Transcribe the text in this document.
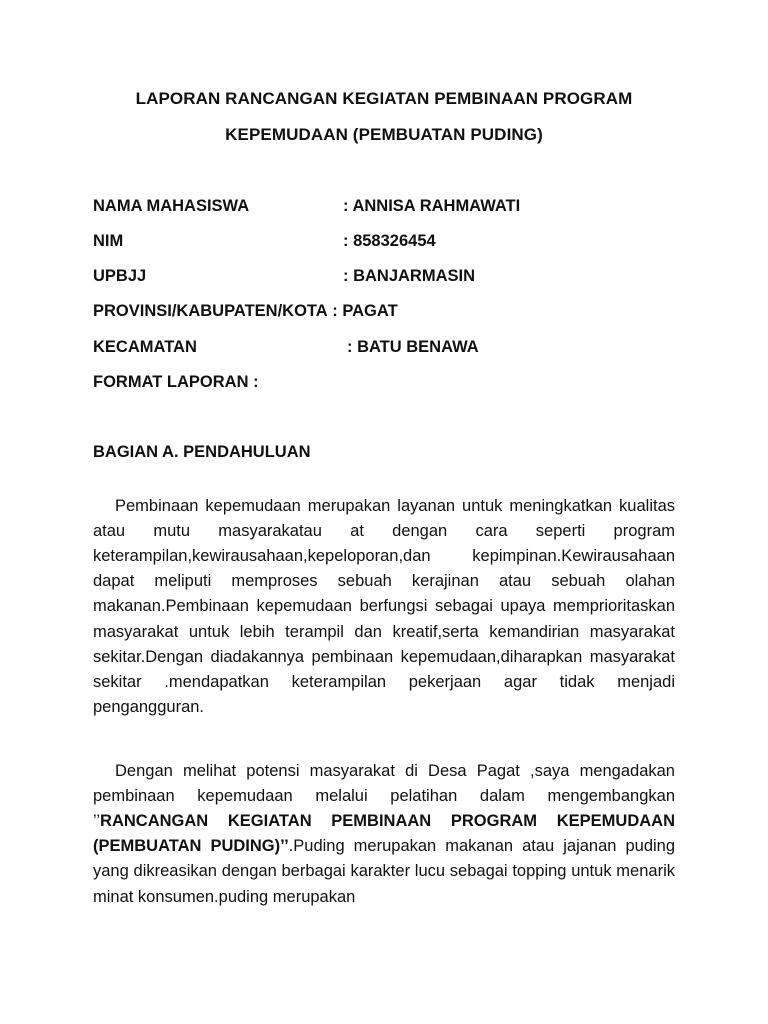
LAPORAN RANCANGAN KEGIATAN PEMBINAAN PROGRAM
KEPEMUDAAN (PEMBUATAN PUDING)
NAMA MAHASISWA	: ANNISA RAHMAWATI
NIM	: 858326454
UPBJJ	: BANJARMASIN
PROVINSI/KABUPATEN/KOTA : PAGAT
KECAMATAN	: BATU BENAWA
FORMAT LAPORAN :
BAGIAN A. PENDAHULUAN

Pembinaan kepemudaan merupakan layanan untuk meningkatkan kualitas atau mutu masyarakatau at dengan cara seperti program keterampilan,kewirausahaan,kepeloporan,dan kepimpinan.Kewirausahaan dapat meliputi memproses sebuah kerajinan atau sebuah olahan makanan.Pembinaan kepemudaan berfungsi sebagai upaya memprioritaskan masyarakat untuk lebih terampil dan kreatif,serta kemandirian masyarakat sekitar.Dengan diadakannya pembinaan kepemudaan,diharapkan masyarakat sekitar .mendapatkan keterampilan pekerjaan agar tidak menjadi pengangguran.

Dengan melihat potensi masyarakat di Desa Pagat ,saya mengadakan pembinaan kepemudaan melalui pelatihan dalam mengembangkan ’’RANCANGAN KEGIATAN PEMBINAAN PROGRAM KEPEMUDAAN (PEMBUATAN PUDING)’’.Puding merupakan makanan atau jajanan puding yang dikreasikan dengan berbagai karakter lucu sebagai topping untuk menarik minat konsumen.puding merupakan
